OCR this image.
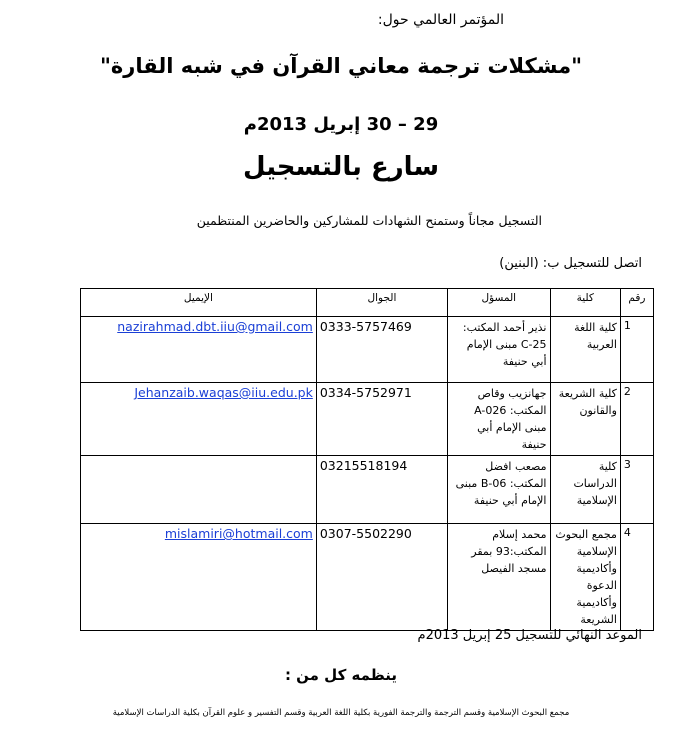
المؤتمر العالمي حول:
"مشكلات ترجمة معاني القرآن في شبه القارة"
29 – 30 إبريل 2013م
سارع بالتسجيل
التسجيل مجاناً وستمنح الشهادات للمشاركين والحاضرين المنتظمين
اتصل للتسجيل ب: (البنين)
رقم	كلية	المسؤل	الجوال	الإيميل
1	كلية اللغة العربية	نذير أحمد المكتب: C-25 مبنى الإمام أبي حنيفة	0333-5757469	nazirahmad.dbt.iiu@gmail.com
2	كلية الشريعة والقانون	جهانزيب وقاص المكتب: A-026 مبنى الإمام أبي حنيفة	0334-5752971	Jehanzaib.waqas@iiu.edu.pk
3	كلية الدراسات الإسلامية	مصعب افضل المكتب: B-06 مبنى الإمام أبي حنيفة	03215518194	
4	مجمع البحوث الإسلامية وأكاديمية الدعوة وأكاديمية الشريعة	محمد إسلام المكتب:93 بمقر مسجد الفيصل	0307-5502290	mislamiri@hotmail.com
الموعد النهائي للتسجيل 25 إبريل 2013م
ينظمه كل من :
مجمع البحوث الإسلامية وقسم الترجمة والترجمة الفورية بكلية اللغة العربية وقسم التفسير و علوم القرآن بكلية الدراسات الإسلامية
